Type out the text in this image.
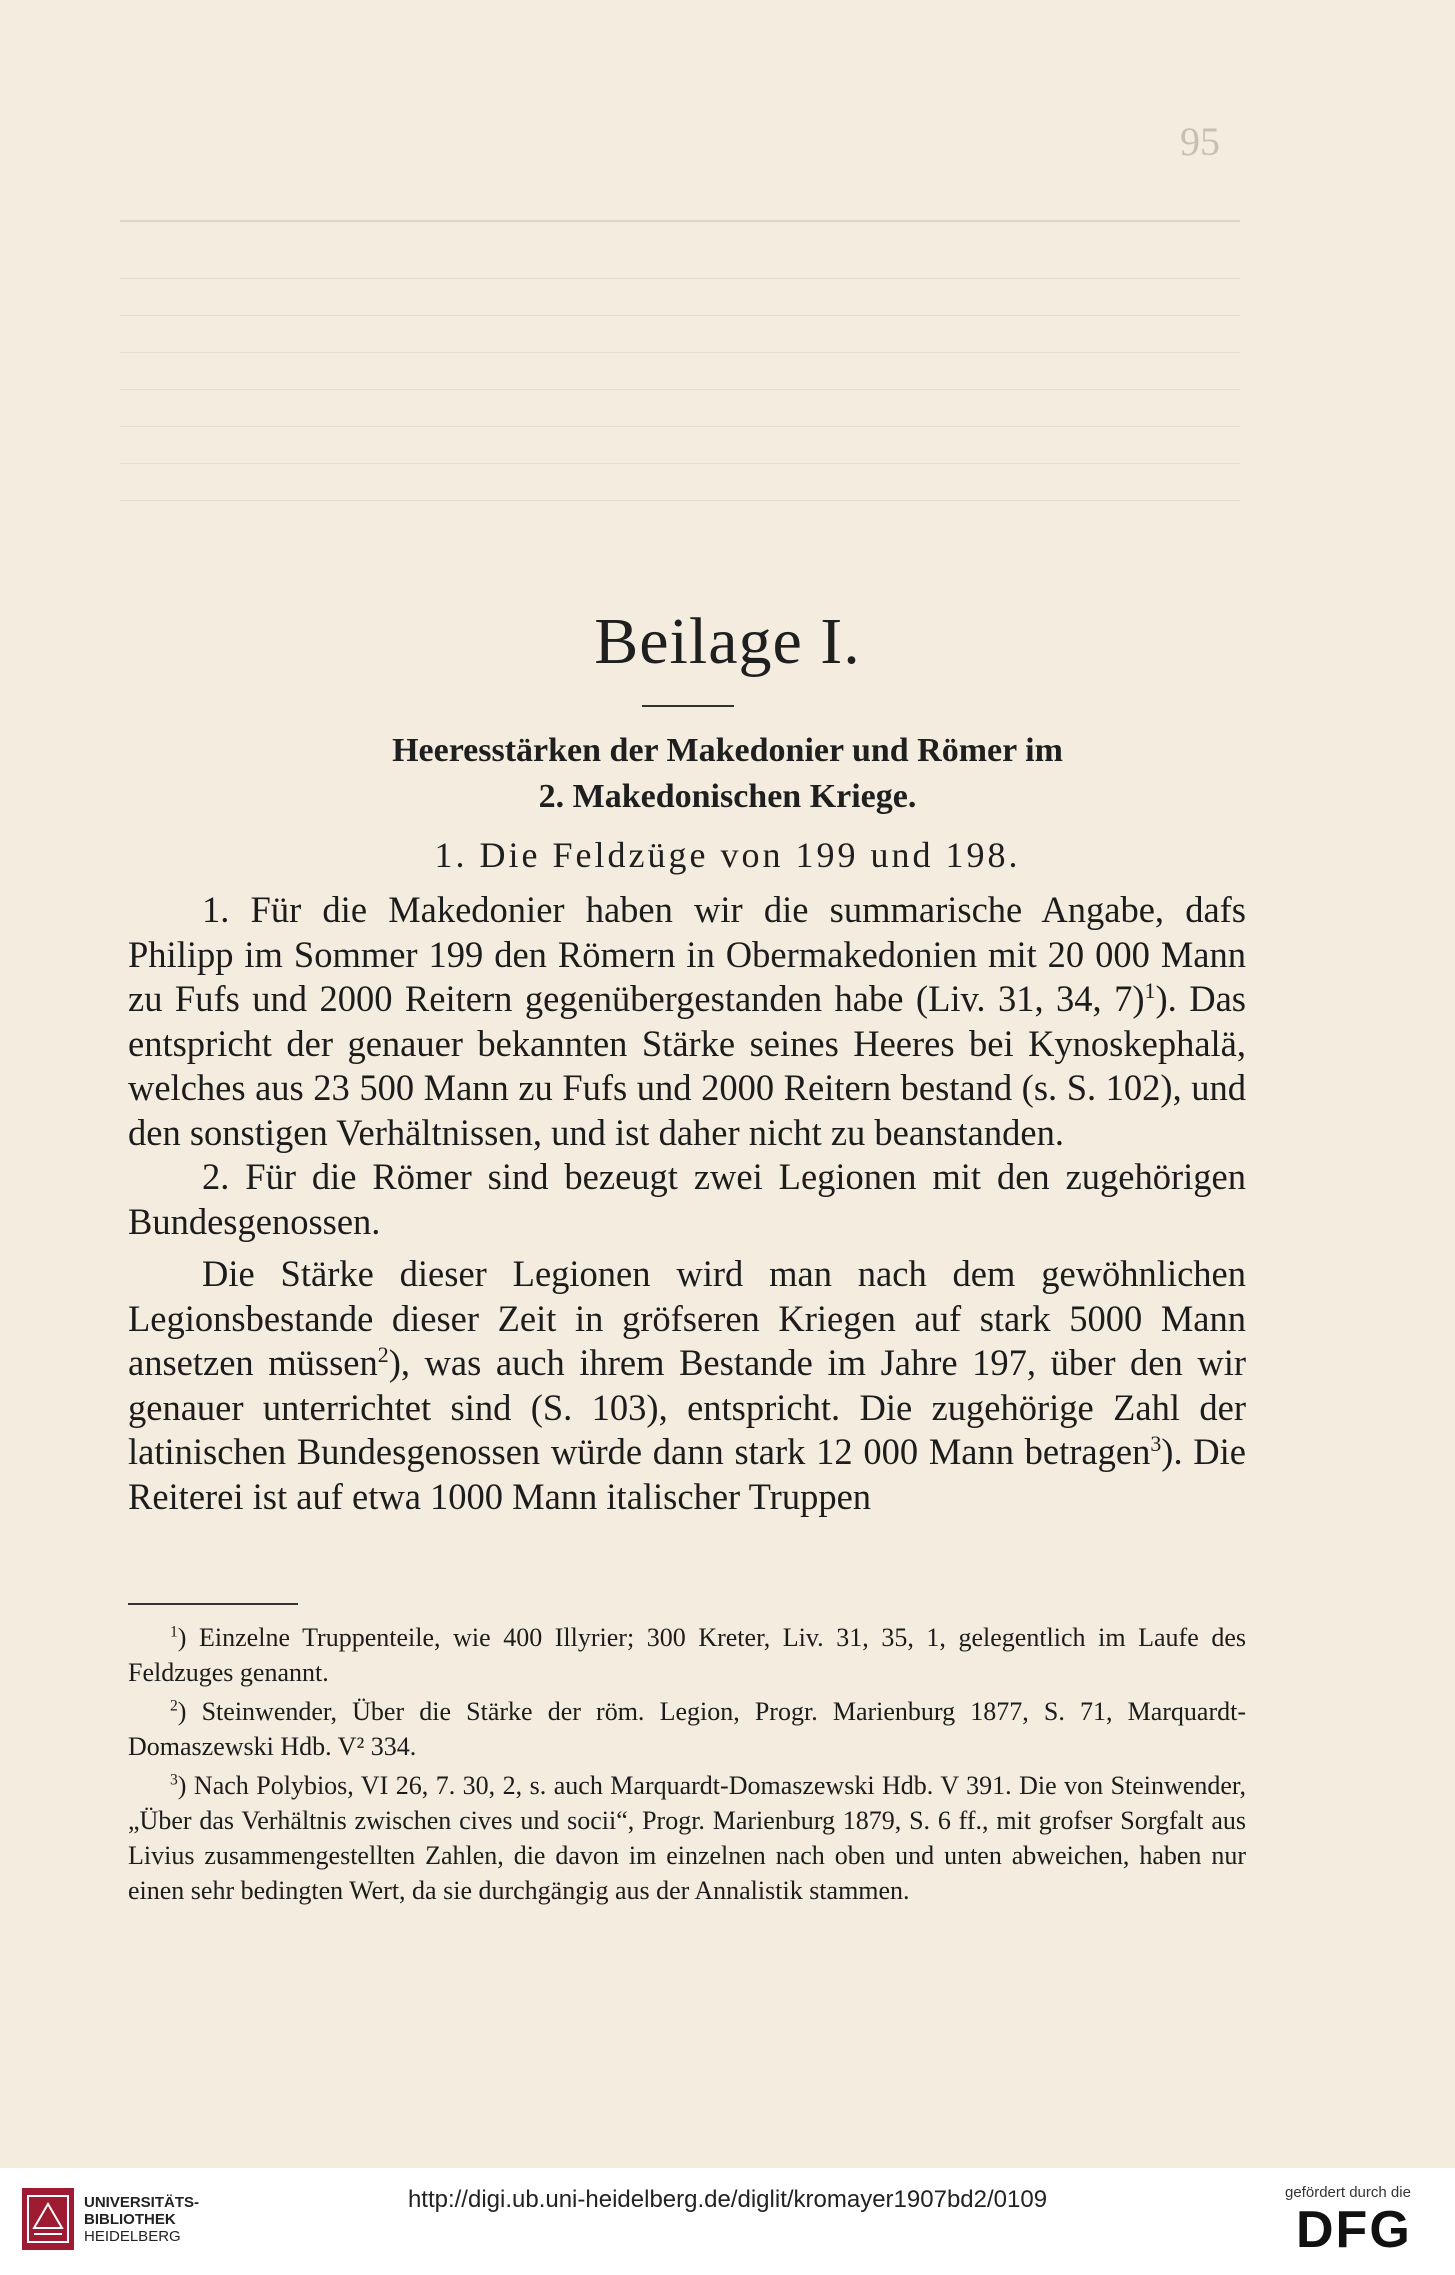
95
Beilage I.
Heeresstärken der Makedonier und Römer im
2. Makedonischen Kriege.
1. Die Feldzüge von 199 und 198.

1. Für die Makedonier haben wir die summarische Angabe, dafs Philipp im Sommer 199 den Römern in Obermakedonien mit 20 000 Mann zu Fufs und 2000 Reitern gegenübergestanden habe (Liv. 31, 34, 7)$^1$). Das entspricht der genauer bekannten Stärke seines Heeres bei Kynoskephalä, welches aus 23 500 Mann zu Fufs und 2000 Reitern bestand (s. S. 102), und den sonstigen Verhältnissen, und ist daher nicht zu beanstanden.

2. Für die Römer sind bezeugt zwei Legionen mit den zugehörigen Bundesgenossen.

Die Stärke dieser Legionen wird man nach dem gewöhnlichen Legionsbestande dieser Zeit in gröfseren Kriegen auf stark 5000 Mann ansetzen müssen$^2$), was auch ihrem Bestande im Jahre 197, über den wir genauer unterrichtet sind (S. 103), entspricht. Die zugehörige Zahl der latinischen Bundesgenossen würde dann stark 12 000 Mann betragen$^3$). Die Reiterei ist auf etwa 1000 Mann italischer Truppen

$^1$) Einzelne Truppenteile, wie 400 Illyrier; 300 Kreter, Liv. 31, 35, 1, gelegentlich im Laufe des Feldzuges genannt.

$^2$) Steinwender, Über die Stärke der röm. Legion, Progr. Marienburg 1877, S. 71, Marquardt-Domaszewski Hdb. V² 334.

$^3$) Nach Polybios, VI 26, 7. 30, 2, s. auch Marquardt-Domaszewski Hdb. V 391. Die von Steinwender, „Über das Verhältnis zwischen cives und socii“, Progr. Marienburg 1879, S. 6 ff., mit grofser Sorgfalt aus Livius zusammengestellten Zahlen, die davon im einzelnen nach oben und unten abweichen, haben nur einen sehr bedingten Wert, da sie durchgängig aus der Annalistik stammen.

UNIVERSITÄTS-
BIBLIOTHEK
HEIDELBERG
http://digi.ub.uni-heidelberg.de/diglit/kromayer1907bd2/0109	gefördert durch die
DFG
